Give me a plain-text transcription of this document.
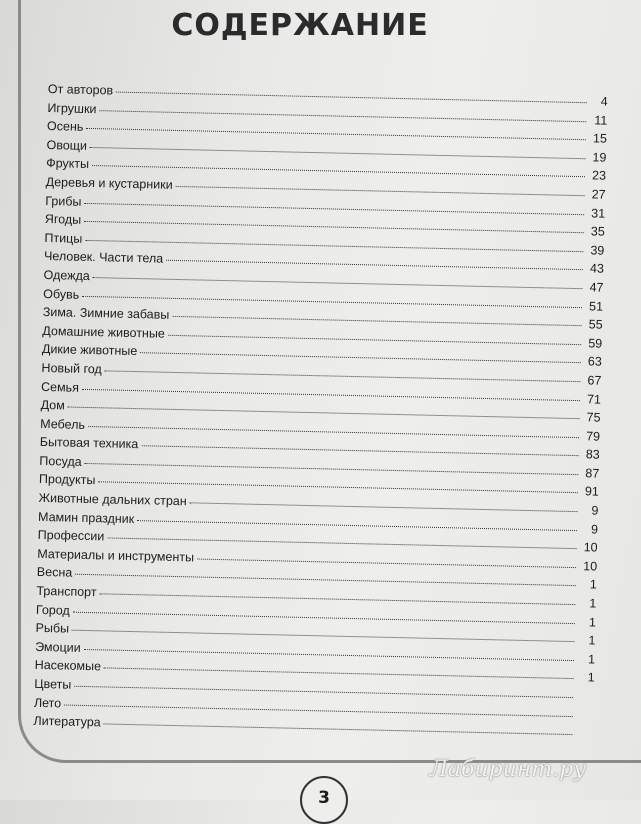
СОДЕРЖАНИЕ
От авторов
4
Игрушки
11
Осень
15
Овощи
19
Фрукты
23
Деревья и кустарники
27
Грибы
31
Ягоды
35
Птицы
39
Человек. Части тела
43
Одежда
47
Обувь
51
Зима. Зимние забавы
55
Домашние животные
59
Дикие животные
63
Новый год
67
Семья
71
Дом
75
Мебель
79
Бытовая техника
83
Посуда
87
Продукты
91
Животные дальних стран
9
Мамин праздник
9
Профессии
10
Материалы и инструменты
10
Весна
1
Транспорт
1
Город
1
Рыбы
1
Эмоции
1
Насекомые
1
Цветы
Лето
Литература
Лабиринт.ру
3
